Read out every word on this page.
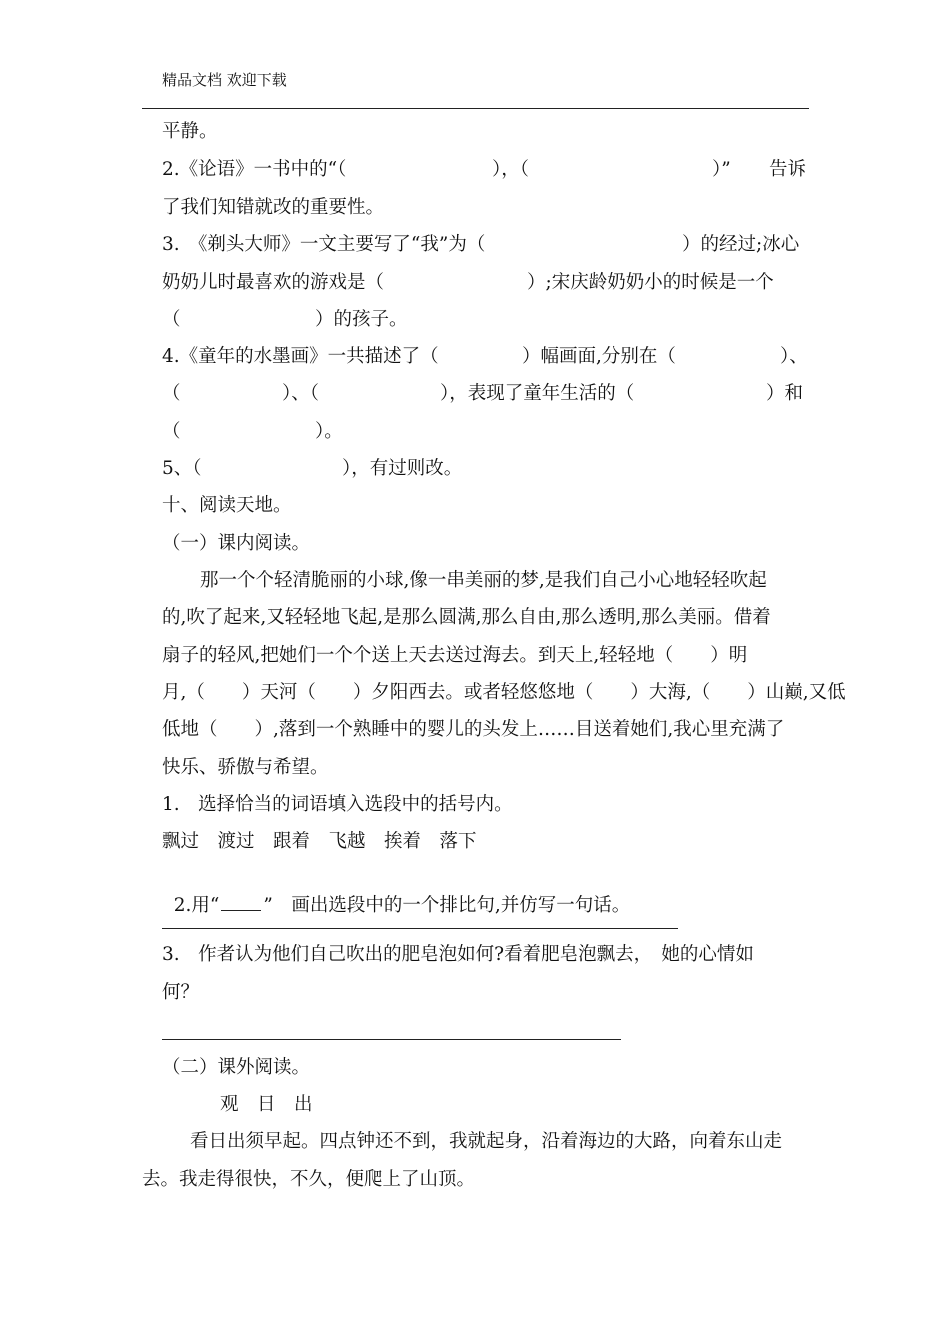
精品文档 欢迎下载
平静。
2.《论语》一书中的“（	），（	）” 告诉
了我们知错就改的重要性。
3.　《剃头大师》一文主要写了“我”为（	）的经过;冰心
奶奶儿时最喜欢的游戏是（	）;宋庆龄奶奶小的时候是一个
（	）的孩子。
4.《童年的水墨画》一共描述了（	）幅画面,分别在（	）、
（	）、（	），表现了童年生活的（	）和
（	）。
5、（	），有过则改。
十、阅读天地。
（一）课内阅读。
那一个个轻清脆丽的小球,像一串美丽的梦,是我们自己小心地轻轻吹起
的,吹了起来,又轻轻地飞起,是那么圆满,那么自由,那么透明,那么美丽。借着
扇子的轻风,把她们一个个送上天去送过海去。到天上,轻轻地（　　）明
月,（　　）天河（　　）夕阳西去。或者轻悠悠地（　　）大海,（　　）山巅,又低
低地（　　）,落到一个熟睡中的婴儿的头发上……目送着她们,我心里充满了
快乐、骄傲与希望。
1.　选择恰当的词语填入选段中的括号内。
飘过　渡过　跟着　飞越　挨着　落下

2.用“ ”　画出选段中的一个排比句,并仿写一句话。

3.　作者认为他们自己吹出的肥皂泡如何?看着肥皂泡飘去，　她的心情如
何？
（二）课外阅读。
观　日　出
看日出须早起。四点钟还不到，我就起身，沿着海边的大路，向着东山走
去。我走得很快，不久，便爬上了山顶。
